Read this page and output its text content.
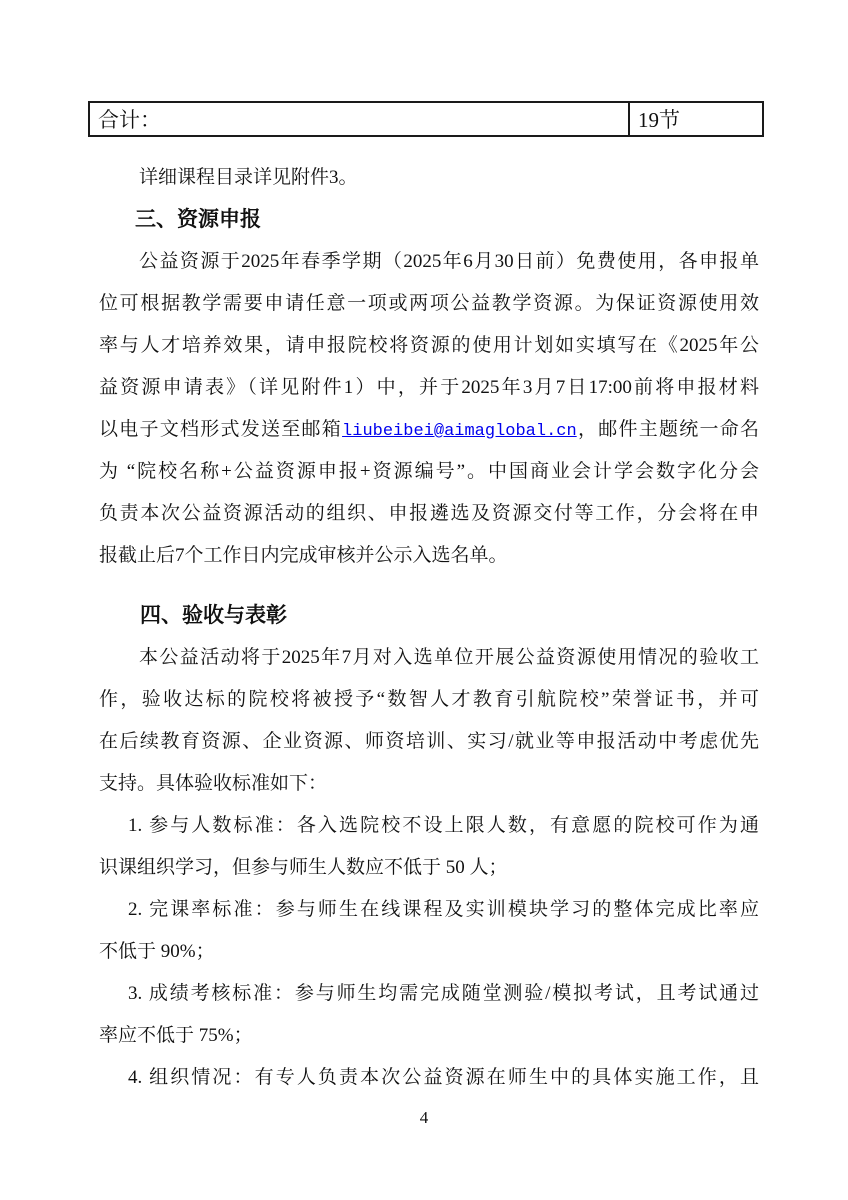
合计：	19节
详细课程目录详见附件3。
三、资源申报
公益资源于2025年春季学期（2025年6月30日前）免费使用，各申报单
位可根据教学需要申请任意一项或两项公益教学资源。为保证资源使用效
率与人才培养效果，请申报院校将资源的使用计划如实填写在《2025年公
益资源申请表》（详见附件1）中，并于2025年3月7日17:00前将申报材料
以电子文档形式发送至邮箱liubeibei@aimaglobal.cn，邮件主题统一命名
为 “院校名称+公益资源申报+资源编号”。中国商业会计学会数字化分会
负责本次公益资源活动的组织、申报遴选及资源交付等工作，分会将在申
报截止后7个工作日内完成审核并公示入选名单。
四、验收与表彰
本公益活动将于2025年7月对入选单位开展公益资源使用情况的验收工
作，验收达标的院校将被授予“数智人才教育引航院校”荣誉证书，并可
在后续教育资源、企业资源、师资培训、实习/就业等申报活动中考虑优先
支持。具体验收标准如下：
1. 参与人数标准：各入选院校不设上限人数，有意愿的院校可作为通
识课组织学习，但参与师生人数应不低于 50 人；
2. 完课率标准：参与师生在线课程及实训模块学习的整体完成比率应
不低于 90%；
3. 成绩考核标准：参与师生均需完成随堂测验/模拟考试，且考试通过
率应不低于 75%；
4. 组织情况：有专人负责本次公益资源在师生中的具体实施工作，且
4
